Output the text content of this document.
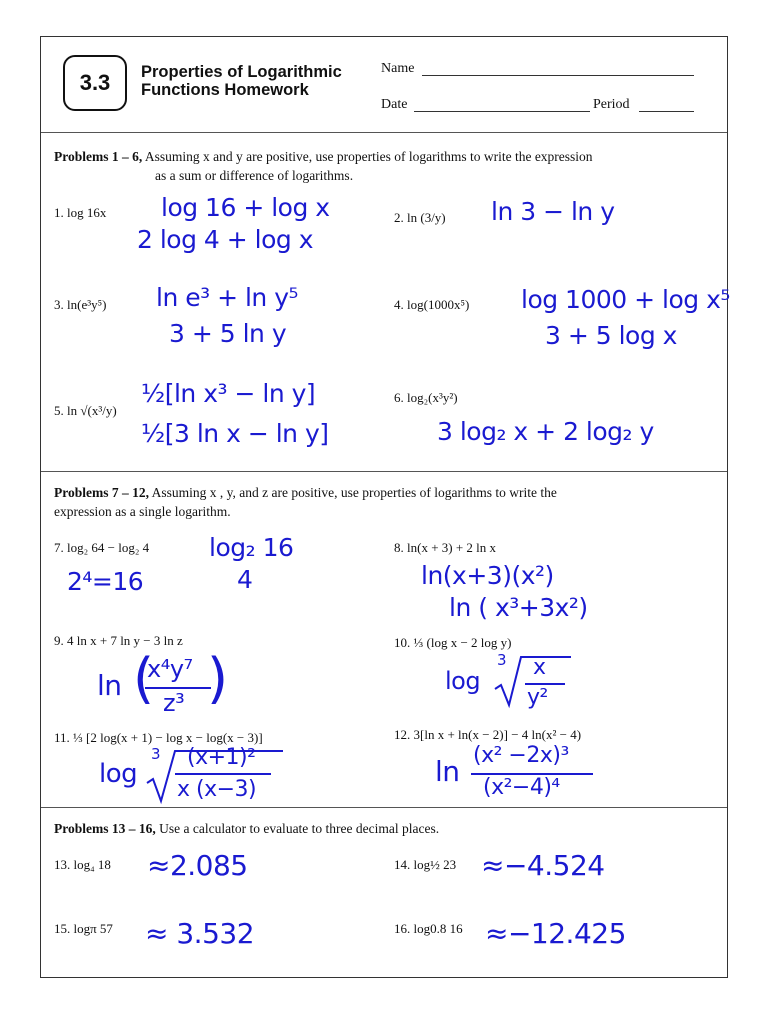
3.3	Properties of Logarithmic
Functions Homework
Name
Date	Period
Problems 1 – 6, Assuming x and y are positive, use properties of logarithms to write the expression
as a sum or difference of logarithms.
1. log 16x log 16 + log x
2 log 4 + log x
2. ln (3/y) ln 3 − ln y
3. ln(e³y⁵) ln e³ + ln y⁵
3 + 5 ln y
4. log(1000x⁵) log 1000 + log x⁵
3 + 5 log x
5. ln √(x³/y)
½[ln x³ − ln y]
½[3 ln x − ln y]
6. log₂(x³y²)
3 log₂ x + 2 log₂ y
Problems 7 – 12, Assuming x , y, and z are positive, use properties of logarithms to write the
expression as a single logarithm.
7. log₂ 64 − log₂ 4 log₂ 16
4
2⁴=16
8. ln(x + 3) + 2 ln x
ln(x+3)(x²)
ln ( x³+3x²)
9. 4 ln x + 7 ln y − 3 ln z
ln (
x⁴y⁷
z³ )
10. ⅓ (log x − 2 log y)
log
3 x
y²
11. ⅓ [2 log(x + 1) − log x − log(x − 3)]
log
3 (x+1)²
x (x−3)
12. 3[ln x + ln(x − 2)] − 4 ln(x² − 4)
ln (x² −2x)³
(x²−4)⁴
Problems 13 – 16, Use a calculator to evaluate to three decimal places.
13. log₄ 18 ≈2.085	14. log½ 23 ≈−4.524
15. logπ 57 ≈ 3.532	16. log0.8 16 ≈−12.425
